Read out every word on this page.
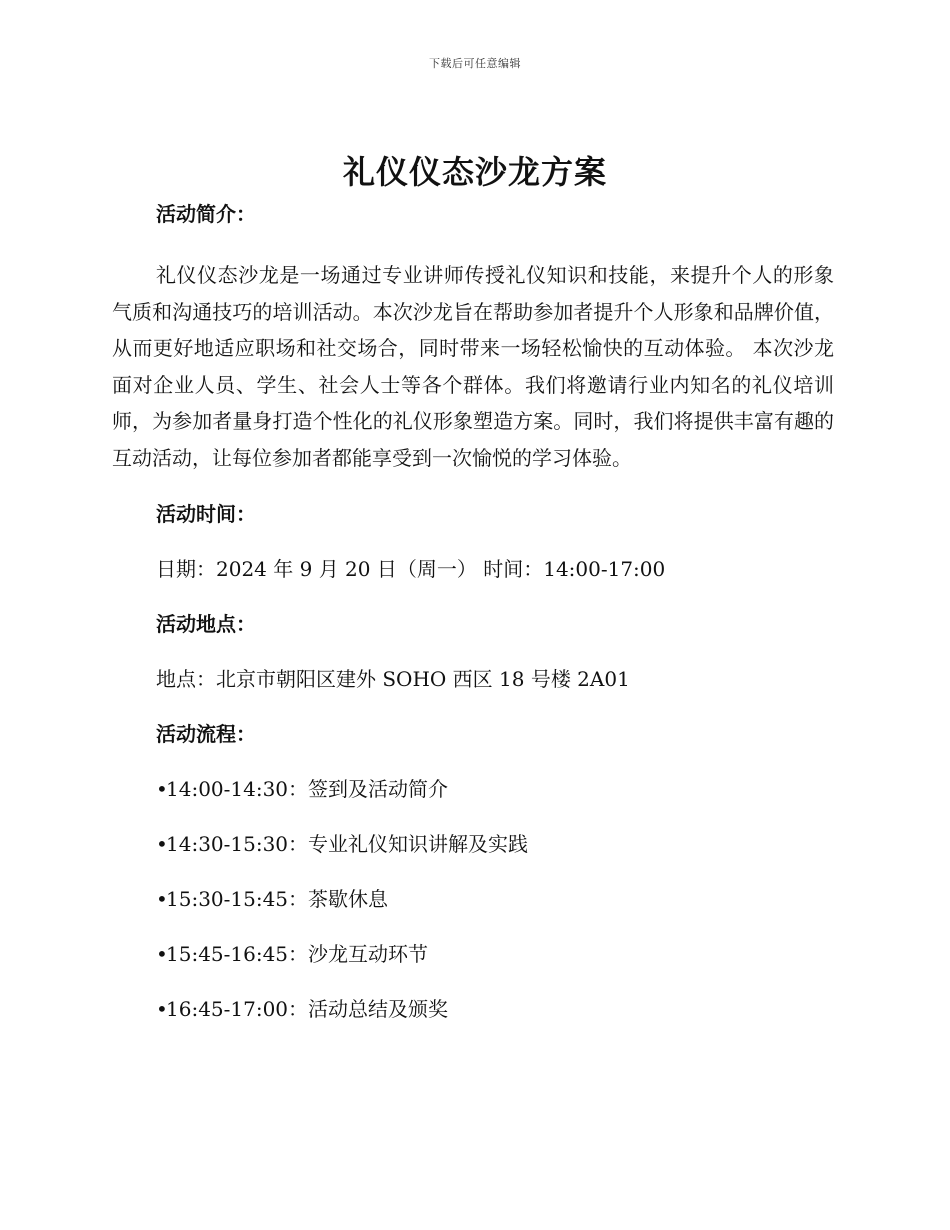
下载后可任意编辑
礼仪仪态沙龙方案
活动简介：

礼仪仪态沙龙是一场通过专业讲师传授礼仪知识和技能，来提升个人的形象气质和沟通技巧的培训活动。本次沙龙旨在帮助参加者提升个人形象和品牌价值，从而更好地适应职场和社交场合，同时带来一场轻松愉快的互动体验。 本次沙龙面对企业人员、学生、社会人士等各个群体。我们将邀请行业内知名的礼仪培训师，为参加者量身打造个性化的礼仪形象塑造方案。同时，我们将提供丰富有趣的互动活动，让每位参加者都能享受到一次愉悦的学习体验。

活动时间：

日期：2024 年 9 月 20 日（周一） 时间：14:00-17:00

活动地点：

地点：北京市朝阳区建外 SOHO 西区 18 号楼 2A01

活动流程：
•14:00-14:30：签到及活动简介
•14:30-15:30：专业礼仪知识讲解及实践
•15:30-15:45：茶歇休息
•15:45-16:45：沙龙互动环节
•16:45-17:00：活动总结及颁奖
